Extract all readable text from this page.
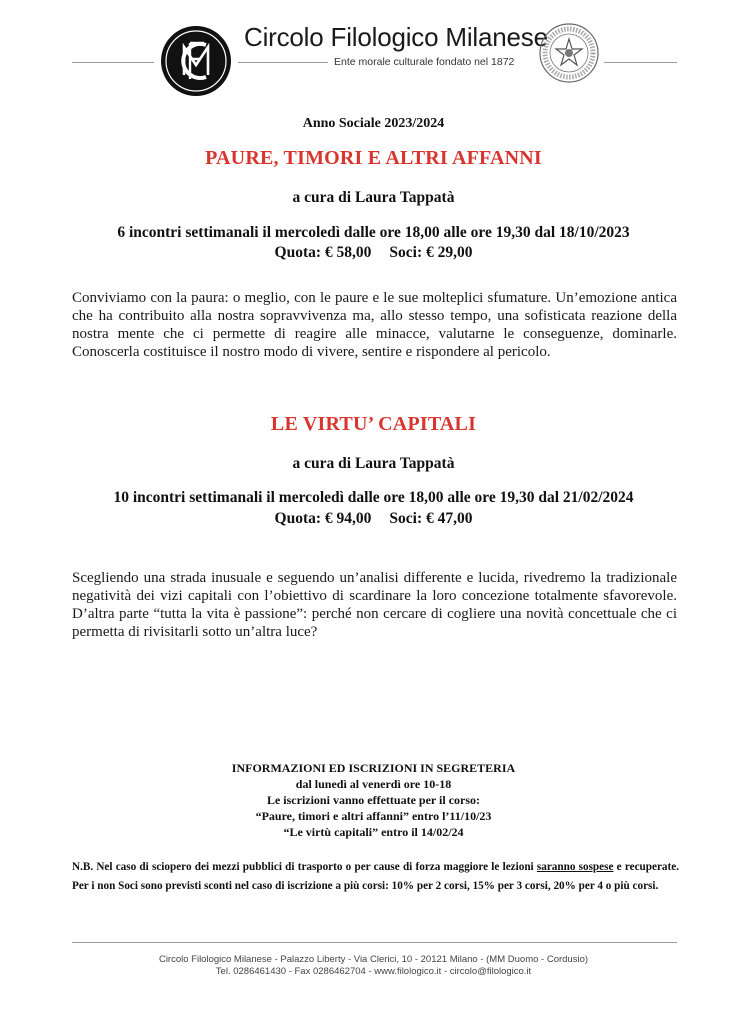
Circolo Filologico Milanese
Ente morale culturale fondato nel 1872
Anno Sociale 2023/2024
PAURE, TIMORI E ALTRI AFFANNI
a cura di Laura Tappatà
6 incontri settimanali il mercoledì dalle ore 18,00 alle ore 19,30 dal 18/10/2023
Quota: € 58,00 Soci: € 29,00
Conviviamo con la paura: o meglio, con le paure e le sue molteplici sfumature. Un’emozione antica che ha contribuito alla nostra sopravvivenza ma, allo stesso tempo, una sofisticata reazione della nostra mente che ci permette di reagire alle minacce, valutarne le conseguenze, dominarle. Conoscerla costituisce il nostro modo di vivere, sentire e rispondere al pericolo.
LE VIRTU’ CAPITALI
a cura di Laura Tappatà
10 incontri settimanali il mercoledì dalle ore 18,00 alle ore 19,30 dal 21/02/2024
Quota: € 94,00 Soci: € 47,00
Scegliendo una strada inusuale e seguendo un’analisi differente e lucida, rivedremo la tradizionale negatività dei vizi capitali con l’obiettivo di scardinare la loro concezione totalmente sfavorevole. D’altra parte “tutta la vita è passione”: perché non cercare di cogliere una novità concettuale che ci permetta di rivisitarli sotto un’altra luce?
INFORMAZIONI ED ISCRIZIONI IN SEGRETERIA
dal lunedì al venerdì ore 10-18
Le iscrizioni vanno effettuate per il corso:
“Paure, timori e altri affanni” entro l’11/10/23
“Le virtù capitali” entro il 14/02/24
N.B. Nel caso di sciopero dei mezzi pubblici di trasporto o per cause di forza maggiore le lezioni saranno sospese e recuperate. Per i non Soci sono previsti sconti nel caso di iscrizione a più corsi: 10% per 2 corsi, 15% per 3 corsi, 20% per 4 o più corsi.
Circolo Filologico Milanese - Palazzo Liberty - Via Clerici, 10 - 20121 Milano - (MM Duomo - Cordusio)
Tel. 0286461430 - Fax 0286462704 - www.filologico.it - circolo@filologico.it
